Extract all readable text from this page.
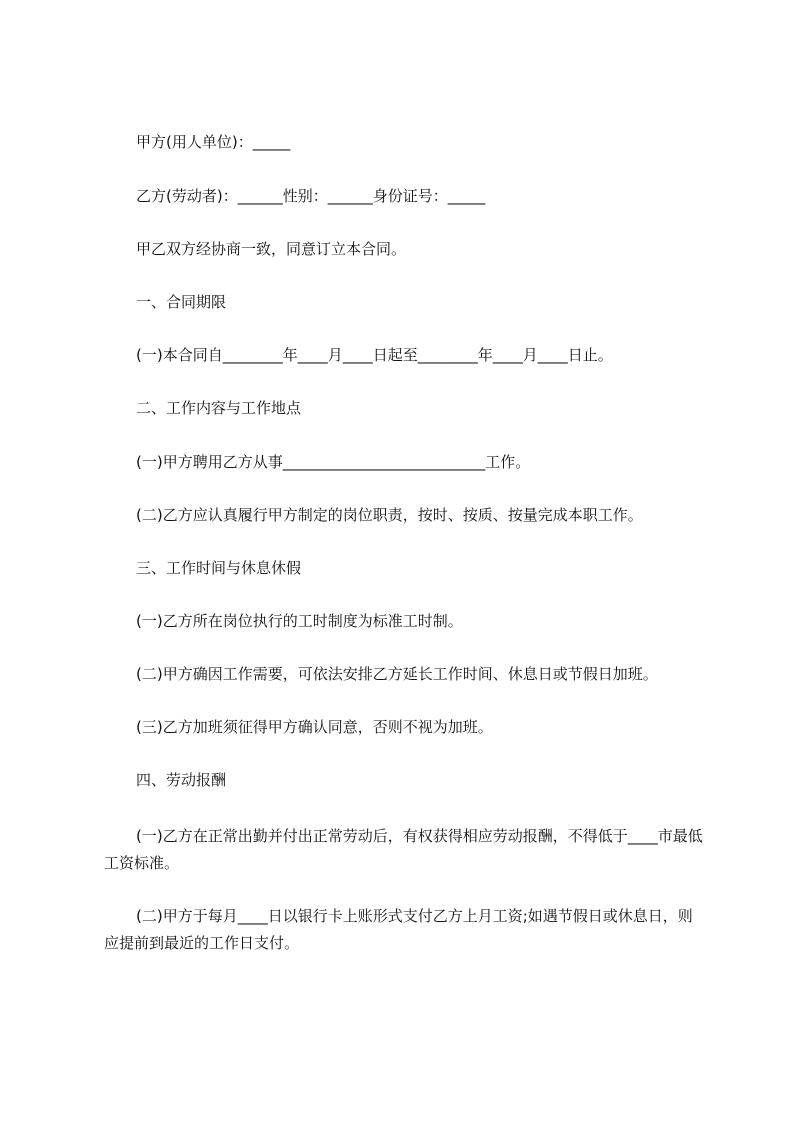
甲方(用人单位)：_____
乙方(劳动者)：______性别：______身份证号：_____
甲乙双方经协商一致，同意订立本合同。
一、合同期限
(一)本合同自________年____月____日起至________年____月____日止。
二、工作内容与工作地点
(一)甲方聘用乙方从事___________________________工作。
(二)乙方应认真履行甲方制定的岗位职责，按时、按质、按量完成本职工作。
三、工作时间与休息休假
(一)乙方所在岗位执行的工时制度为标准工时制。
(二)甲方确因工作需要，可依法安排乙方延长工作时间、休息日或节假日加班。
(三)乙方加班须征得甲方确认同意，否则不视为加班。
四、劳动报酬
(一)乙方在正常出勤并付出正常劳动后，有权获得相应劳动报酬，不得低于____市最低工资标准。
(二)甲方于每月____日以银行卡上账形式支付乙方上月工资;如遇节假日或休息日，则应提前到最近的工作日支付。
